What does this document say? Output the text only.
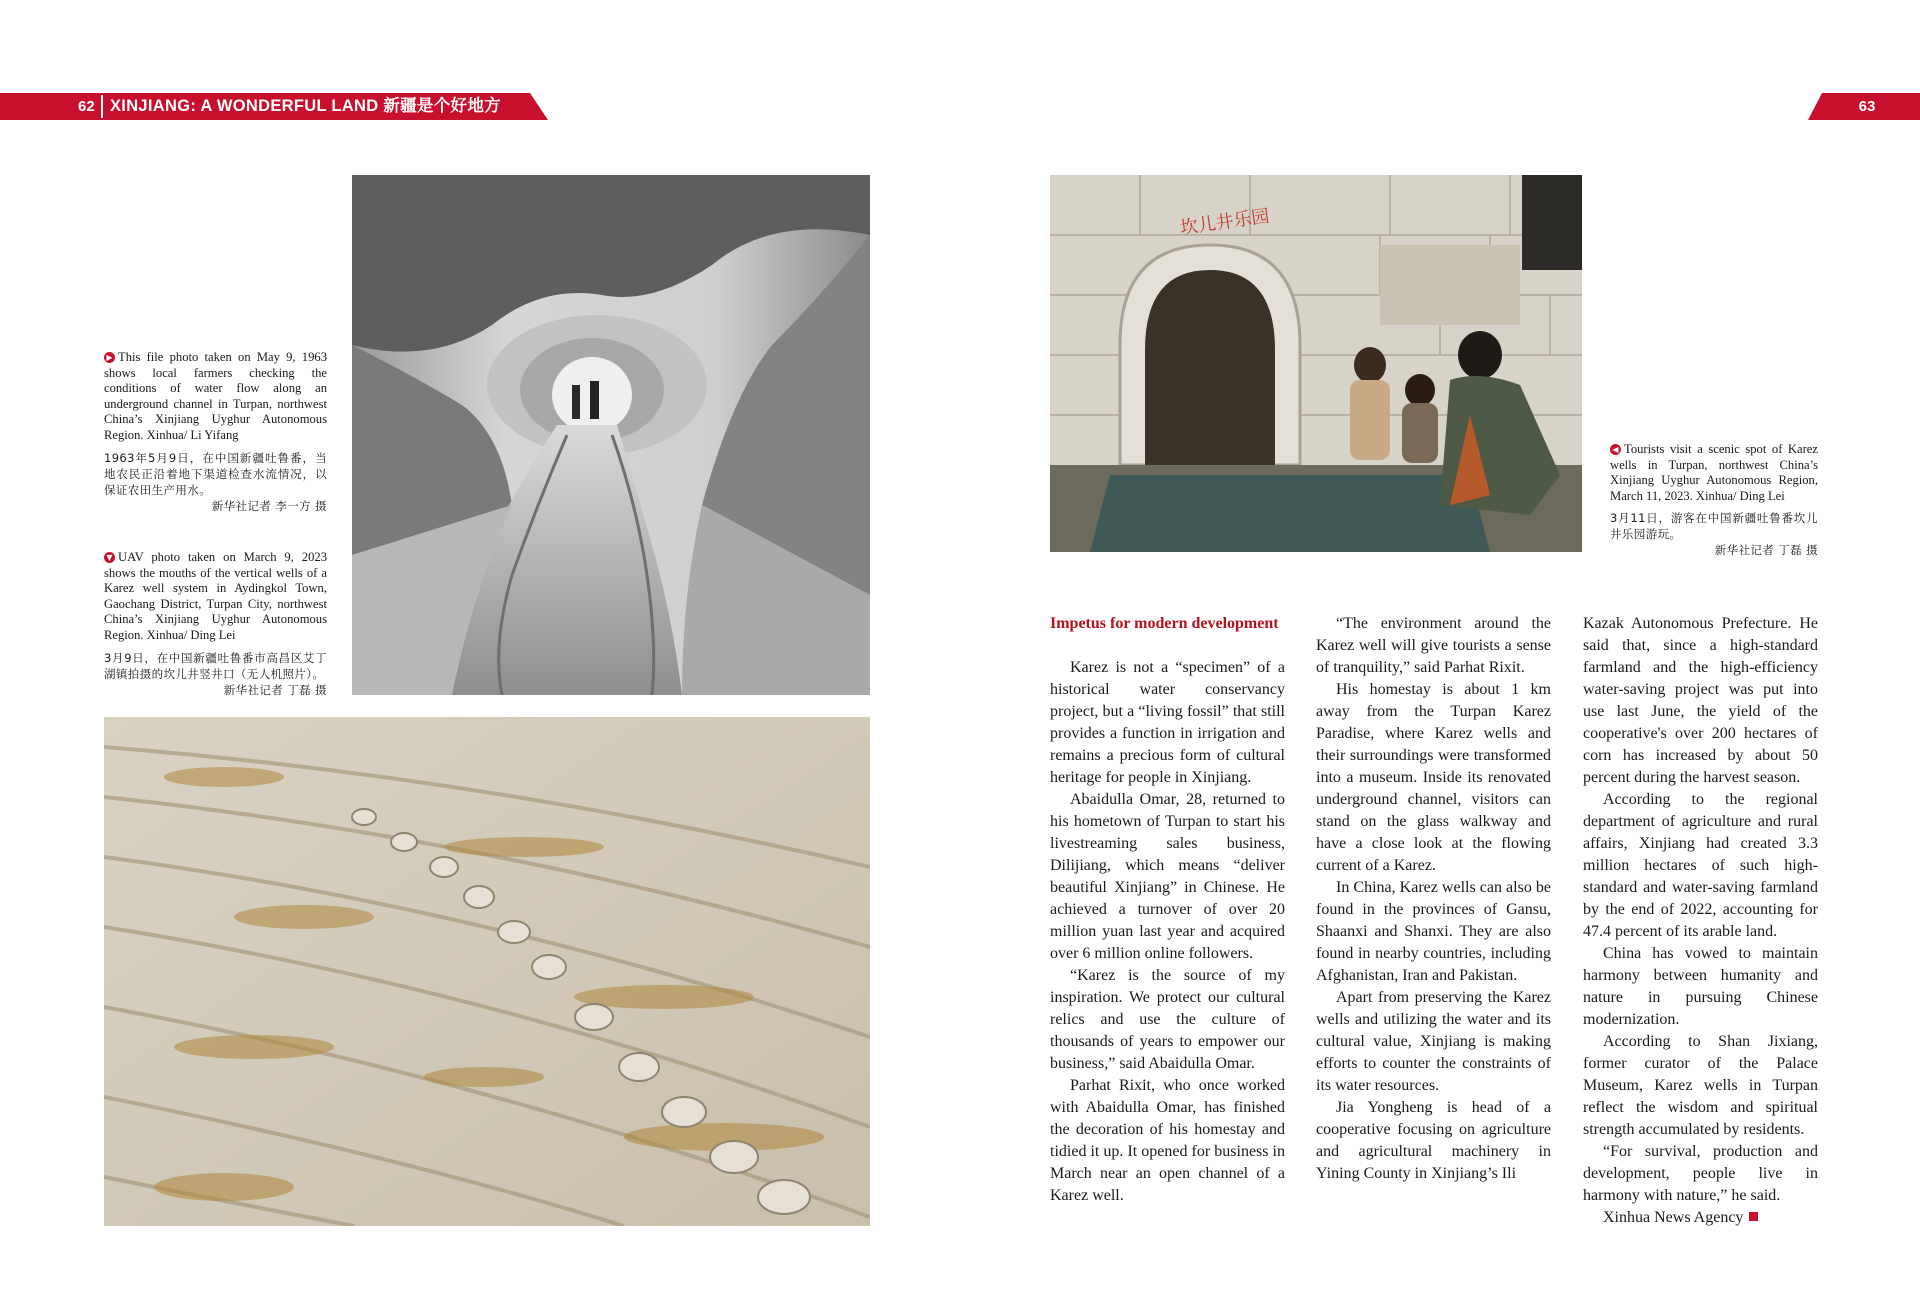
62 XINJIANG: A WONDERFUL LAND 新疆是个好地方	63
坎儿井乐园
▶ This file photo taken on May 9, 1963 shows local farmers checking the conditions of water flow along an underground channel in Turpan, northwest China’s Xinjiang Uyghur Autonomous Region. Xinhua/ Li Yifang
1963年5月9日，在中国新疆吐鲁番，当地农民正沿着地下渠道检查水流情况，以保证农田生产用水。
新华社记者 李一方 摄
▼ UAV photo taken on March 9, 2023 shows the mouths of the vertical wells of a Karez well system in Aydingkol Town, Gaochang District, Turpan City, northwest China’s Xinjiang Uyghur Autonomous Region. Xinhua/ Ding Lei
3月9日，在中国新疆吐鲁番市高昌区艾丁湖镇拍摄的坎儿井竖井口（无人机照片）。
新华社记者 丁磊 摄
◀ Tourists visit a scenic spot of Karez wells in Turpan, northwest China’s Xinjiang Uyghur Autonomous Region, March 11, 2023. Xinhua/ Ding Lei
3月11日，游客在中国新疆吐鲁番坎儿井乐园游玩。
新华社记者 丁磊 摄
Impetus for modern development

Karez is not a “specimen” of a historical water conservancy project, but a “living fossil” that still provides a function in irrigation and remains a precious form of cultural heritage for people in Xinjiang.

Abaidulla Omar, 28, returned to his hometown of Turpan to start his livestreaming sales business, Dilijiang, which means “deliver beautiful Xinjiang” in Chinese. He achieved a turnover of over 20 million yuan last year and acquired over 6 million online followers.

“Karez is the source of my inspiration. We protect our cultural relics and use the culture of thousands of years to empower our business,” said Abaidulla Omar.

Parhat Rixit, who once worked with Abaidulla Omar, has finished the decoration of his homestay and tidied it up. It opened for business in March near an open channel of a Karez well.

“The environment around the Karez well will give tourists a sense of tranquility,” said Parhat Rixit.

His homestay is about 1 km away from the Turpan Karez Paradise, where Karez wells and their surroundings were transformed into a museum. Inside its renovated underground channel, visitors can stand on the glass walkway and have a close look at the flowing current of a Karez.

In China, Karez wells can also be found in the provinces of Gansu, Shaanxi and Shanxi. They are also found in nearby countries, including Afghanistan, Iran and Pakistan.

Apart from preserving the Karez wells and utilizing the water and its cultural value, Xinjiang is making efforts to counter the constraints of its water resources.

Jia Yongheng is head of a cooperative focusing on agriculture and agricultural machinery in Yining County in Xinjiang’s Ili

Kazak Autonomous Prefecture. He said that, since a high-standard farmland and the high-efficiency water-saving project was put into use last June, the yield of the cooperative's over 200 hectares of corn has increased by about 50 percent during the harvest season.

According to the regional department of agriculture and rural affairs, Xinjiang had created 3.3 million hectares of such high-standard and water-saving farmland by the end of 2022, accounting for 47.4 percent of its arable land.

China has vowed to maintain harmony between humanity and nature in pursuing Chinese modernization.

According to Shan Jixiang, former curator of the Palace Museum, Karez wells in Turpan reflect the wisdom and spiritual strength accumulated by residents.

“For survival, production and development, people live in harmony with nature,” he said.

Xinhua News Agency
